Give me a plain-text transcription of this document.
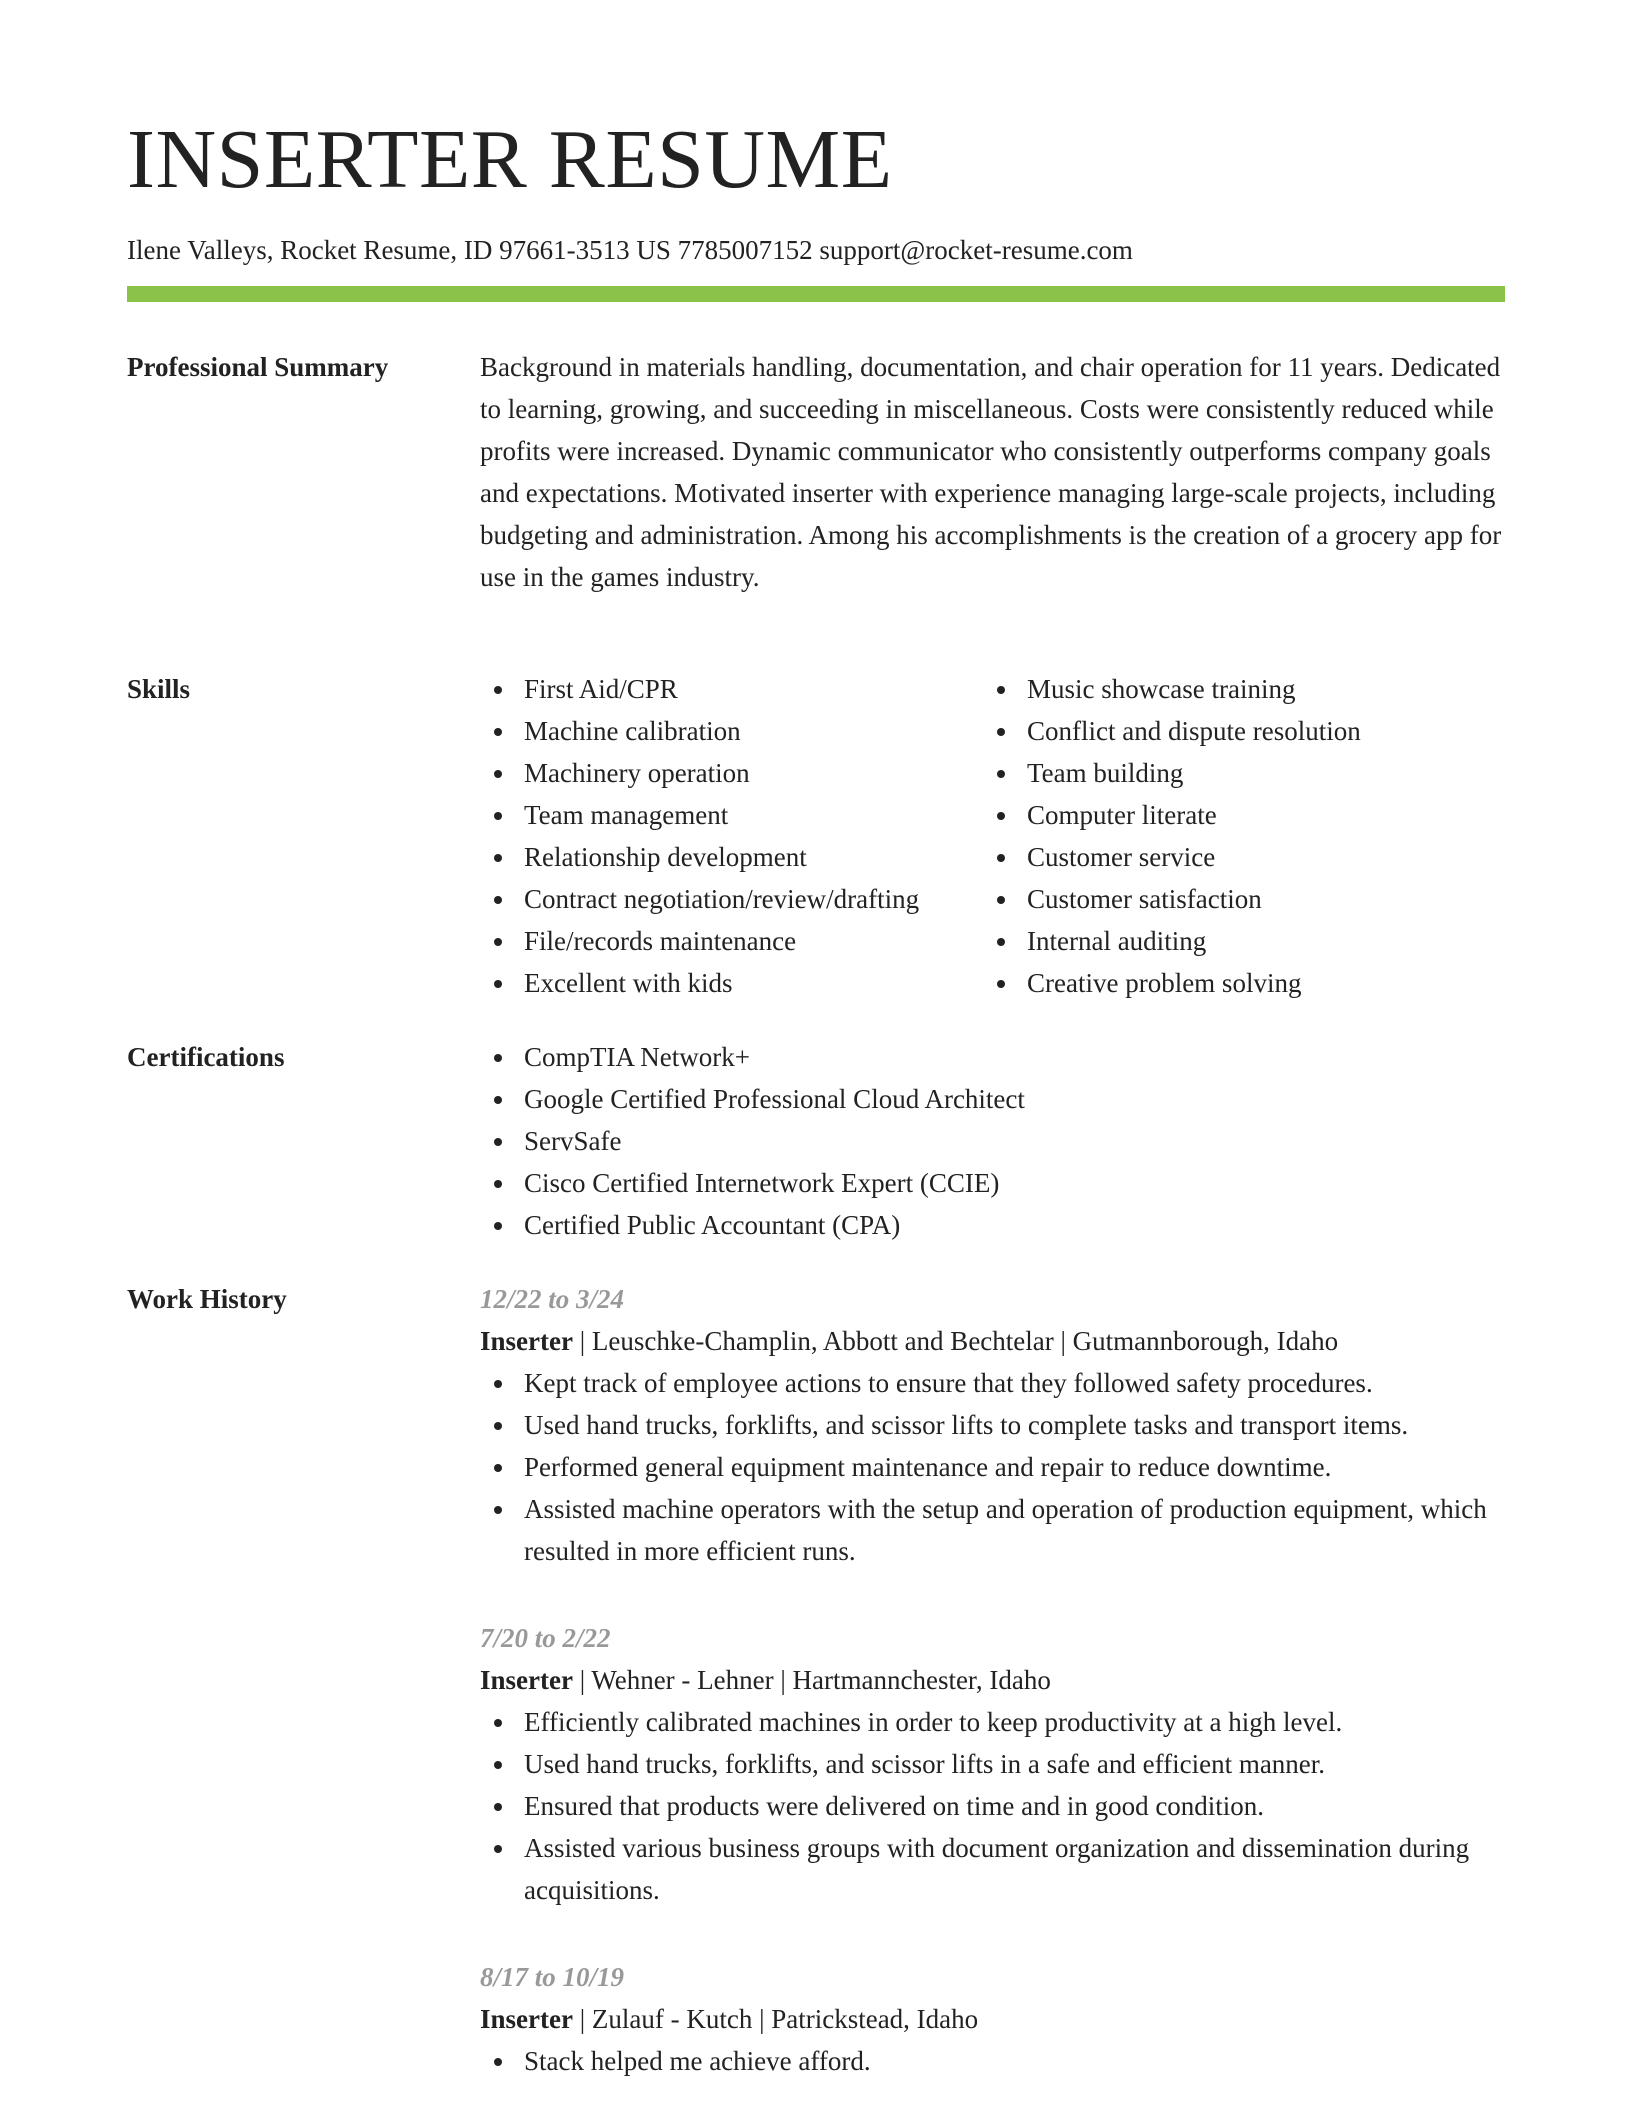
INSERTER RESUME
Ilene Valleys, Rocket Resume, ID 97661-3513 US 7785007152 support@rocket-resume.com
Professional Summary	Background in materials handling, documentation, and chair operation for 11 years. Dedicated to learning, growing, and succeeding in miscellaneous. Costs were consistently reduced while profits were increased. Dynamic communicator who consistently outperforms company goals and expectations. Motivated inserter with experience managing large-scale projects, including budgeting and administration. Among his accomplishments is the creation of a grocery app for use in the games industry.

Skills	First Aid/CPR
Machine calibration
Machinery operation
Team management
Relationship development
Contract negotiation/review/drafting
File/records maintenance
Excellent with kids
Music showcase training
Conflict and dispute resolution
Team building
Computer literate
Customer service
Customer satisfaction
Internal auditing
Creative problem solving
Certifications	CompTIA Network+
Google Certified Professional Cloud Architect
ServSafe
Cisco Certified Internetwork Expert (CCIE)
Certified Public Accountant (CPA)
Work History	12/22 to 3/24
Inserter | Leuschke-Champlin, Abbott and Bechtelar | Gutmannborough, Idaho
Kept track of employee actions to ensure that they followed safety procedures.
Used hand trucks, forklifts, and scissor lifts to complete tasks and transport items.
Performed general equipment maintenance and repair to reduce downtime.
Assisted machine operators with the setup and operation of production equipment, which resulted in more efficient runs.
7/20 to 2/22
Inserter | Wehner - Lehner | Hartmannchester, Idaho
Efficiently calibrated machines in order to keep productivity at a high level.
Used hand trucks, forklifts, and scissor lifts in a safe and efficient manner.
Ensured that products were delivered on time and in good condition.
Assisted various business groups with document organization and dissemination during acquisitions.
8/17 to 10/19
Inserter | Zulauf - Kutch | Patrickstead, Idaho
Stack helped me achieve afford.
